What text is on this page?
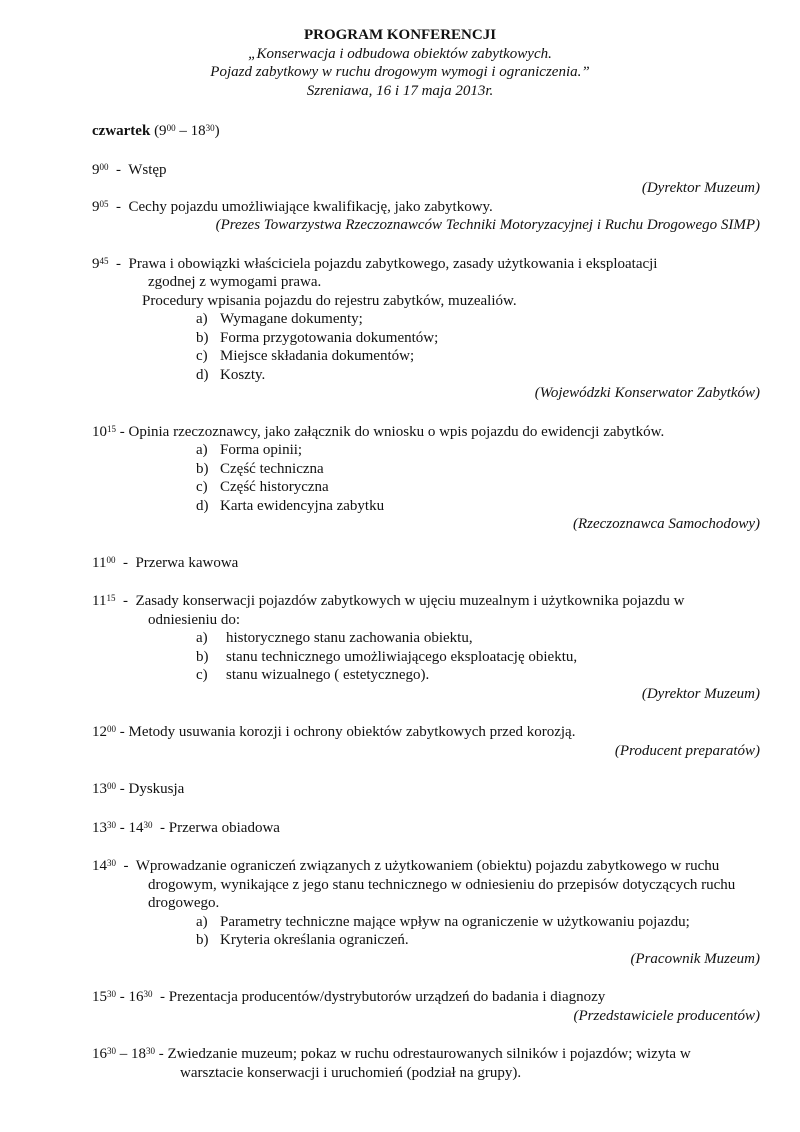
PROGRAM KONFERENCJI
„Konserwacja i odbudowa obiektów zabytkowych.
Pojazd zabytkowy w ruchu drogowym wymogi i ograniczenia.”
Szreniawa, 16 i 17 maja 2013r.
czwartek $(9^{00} - 18^{30})$
$9^{00}$  -  Wstęp
(Dyrektor Muzeum)
$9^{05}$  -  Cechy pojazdu umożliwiające kwalifikację, jako zabytkowy.
(Prezes Towarzystwa Rzeczoznawców Techniki Motoryzacyjnej i Ruchu Drogowego SIMP)
$9^{45}$  -  Prawa i obowiązki właściciela pojazdu zabytkowego, zasady użytkowania i eksploatacji
zgodnej z wymogami prawa.
Procedury wpisania pojazdu do rejestru zabytków, muzealiów.
a) Wymagane dokumenty;
b) Forma przygotowania dokumentów;
c) Miejsce składania dokumentów;
d) Koszty.
(Wojewódzki Konserwator Zabytków)
$10^{15}$ - Opinia rzeczoznawcy, jako załącznik do wniosku o wpis pojazdu do ewidencji zabytków.
a) Forma opinii;
b) Część techniczna
c) Część historyczna
d) Karta ewidencyjna zabytku
(Rzeczoznawca Samochodowy)
$11^{00}$  -  Przerwa kawowa
$11^{15}$  -  Zasady konserwacji pojazdów zabytkowych w ujęciu muzealnym i użytkownika pojazdu w
odniesieniu do:
a) historycznego stanu zachowania obiektu,
b) stanu technicznego umożliwiającego eksploatację obiektu,
c) stanu wizualnego ( estetycznego).
(Dyrektor Muzeum)
$12^{00}$ - Metody usuwania korozji i ochrony obiektów zabytkowych przed korozją.
(Producent preparatów)
$13^{00}$ - Dyskusja
$13^{30} - 14^{30}$  - Przerwa obiadowa
$14^{30}$  -  Wprowadzanie ograniczeń związanych z użytkowaniem (obiektu) pojazdu zabytkowego w ruchu
drogowym, wynikające z jego stanu technicznego w odniesieniu do przepisów dotyczących ruchu
drogowego.
a) Parametry techniczne mające wpływ na ograniczenie w użytkowaniu pojazdu;
b) Kryteria określania ograniczeń.
(Pracownik Muzeum)
$15^{30} - 16^{30}$  - Prezentacja producentów/dystrybutorów urządzeń do badania i diagnozy
(Przedstawiciele producentów)
$16^{30} - 18^{30}$ - Zwiedzanie muzeum; pokaz w ruchu odrestaurowanych silników i pojazdów; wizyta w
warsztacie konserwacji i uruchomień (podział na grupy).
